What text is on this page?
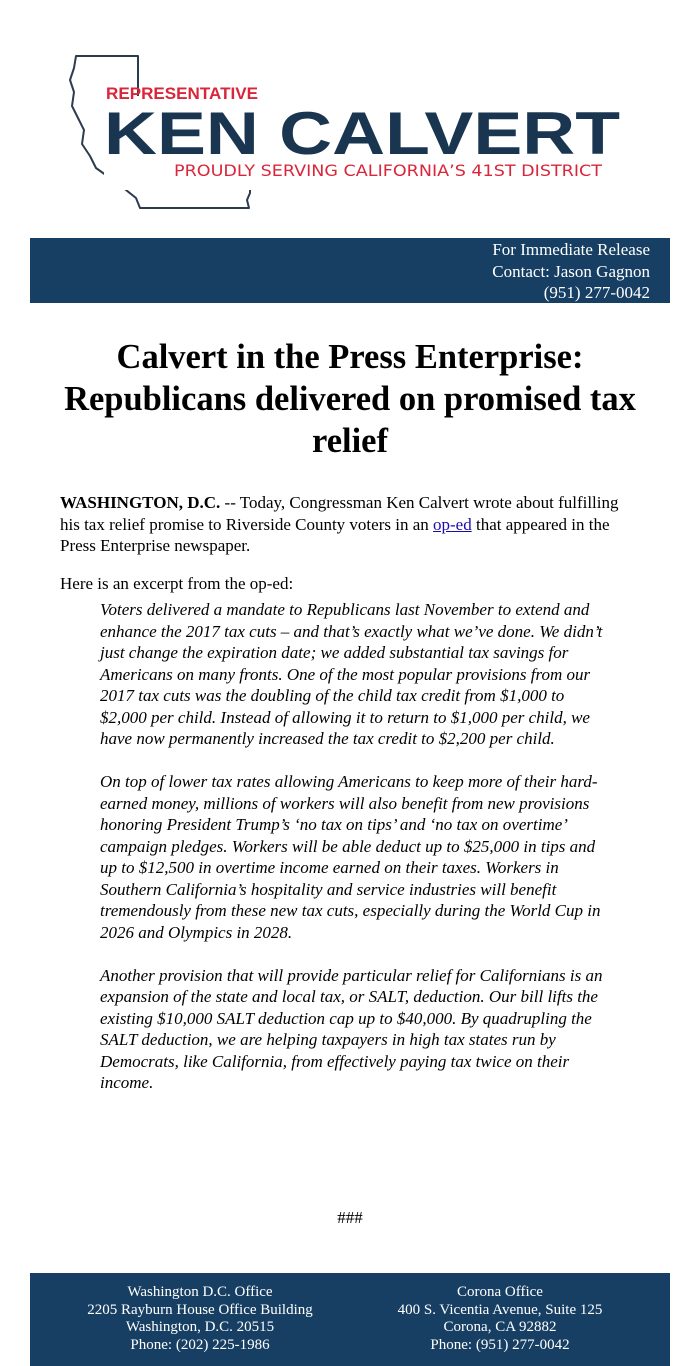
REPRESENTATIVE
KEN CALVERT
PROUDLY SERVING CALIFORNIA’S 41ST DISTRICT
For Immediate Release
Contact: Jason Gagnon
(951) 277-0042
Calvert in the Press Enterprise: Republicans delivered on promised tax relief

WASHINGTON, D.C. -- Today, Congressman Ken Calvert wrote about fulfilling his tax relief promise to Riverside County voters in an op-ed that appeared in the Press Enterprise newspaper.

Here is an excerpt from the op-ed:

Voters delivered a mandate to Republicans last November to extend and enhance the 2017 tax cuts – and that’s exactly what we’ve done. We didn’t just change the expiration date; we added substantial tax savings for Americans on many fronts. One of the most popular provisions from our 2017 tax cuts was the doubling of the child tax credit from $1,000 to $2,000 per child. Instead of allowing it to return to $1,000 per child, we have now permanently increased the tax credit to $2,200 per child.

On top of lower tax rates allowing Americans to keep more of their hard-earned money, millions of workers will also benefit from new provisions honoring President Trump’s ‘no tax on tips’ and ‘no tax on overtime’ campaign pledges. Workers will be able deduct up to $25,000 in tips and up to $12,500 in overtime income earned on their taxes. Workers in Southern California’s hospitality and service industries will benefit tremendously from these new tax cuts, especially during the World Cup in 2026 and Olympics in 2028.

Another provision that will provide particular relief for Californians is an expansion of the state and local tax, or SALT, deduction. Our bill lifts the existing $10,000 SALT deduction cap up to $40,000. By quadrupling the SALT deduction, we are helping taxpayers in high tax states run by Democrats, like California, from effectively paying tax twice on their income.

###
Washington D.C. Office
2205 Rayburn House Office Building
Washington, D.C. 20515
Phone: (202) 225-1986
Corona Office
400 S. Vicentia Avenue, Suite 125
Corona, CA 92882
Phone: (951) 277-0042
